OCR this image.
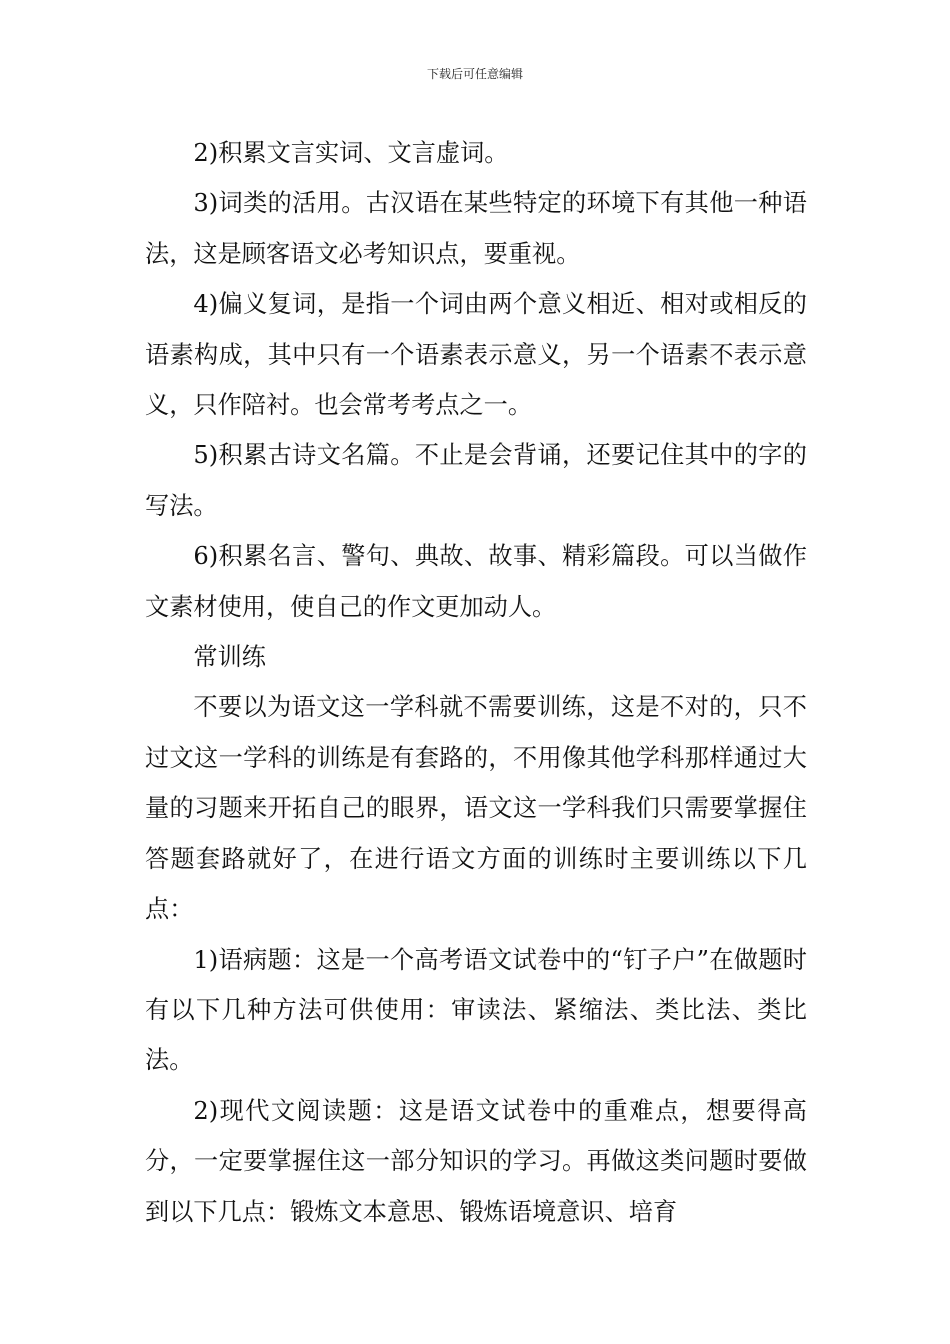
下载后可任意编辑

2)积累文言实词、文言虚词。

3)词类的活用。古汉语在某些特定的环境下有其他一种语法，这是顾客语文必考知识点，要重视。

4)偏义复词，是指一个词由两个意义相近、相对或相反的语素构成，其中只有一个语素表示意义，另一个语素不表示意义，只作陪衬。也会常考考点之一。

5)积累古诗文名篇。不止是会背诵，还要记住其中的字的写法。

6)积累名言、警句、典故、故事、精彩篇段。可以当做作文素材使用，使自己的作文更加动人。

常训练

不要以为语文这一学科就不需要训练，这是不对的，只不过文这一学科的训练是有套路的，不用像其他学科那样通过大量的习题来开拓自己的眼界，语文这一学科我们只需要掌握住答题套路就好了，在进行语文方面的训练时主要训练以下几点：

1)语病题：这是一个高考语文试卷中的“钉子户”在做题时有以下几种方法可供使用：审读法、紧缩法、类比法、类比法。

2)现代文阅读题：这是语文试卷中的重难点，想要得高分，一定要掌握住这一部分知识的学习。再做这类问题时要做到以下几点：锻炼文本意思、锻炼语境意识、培育
